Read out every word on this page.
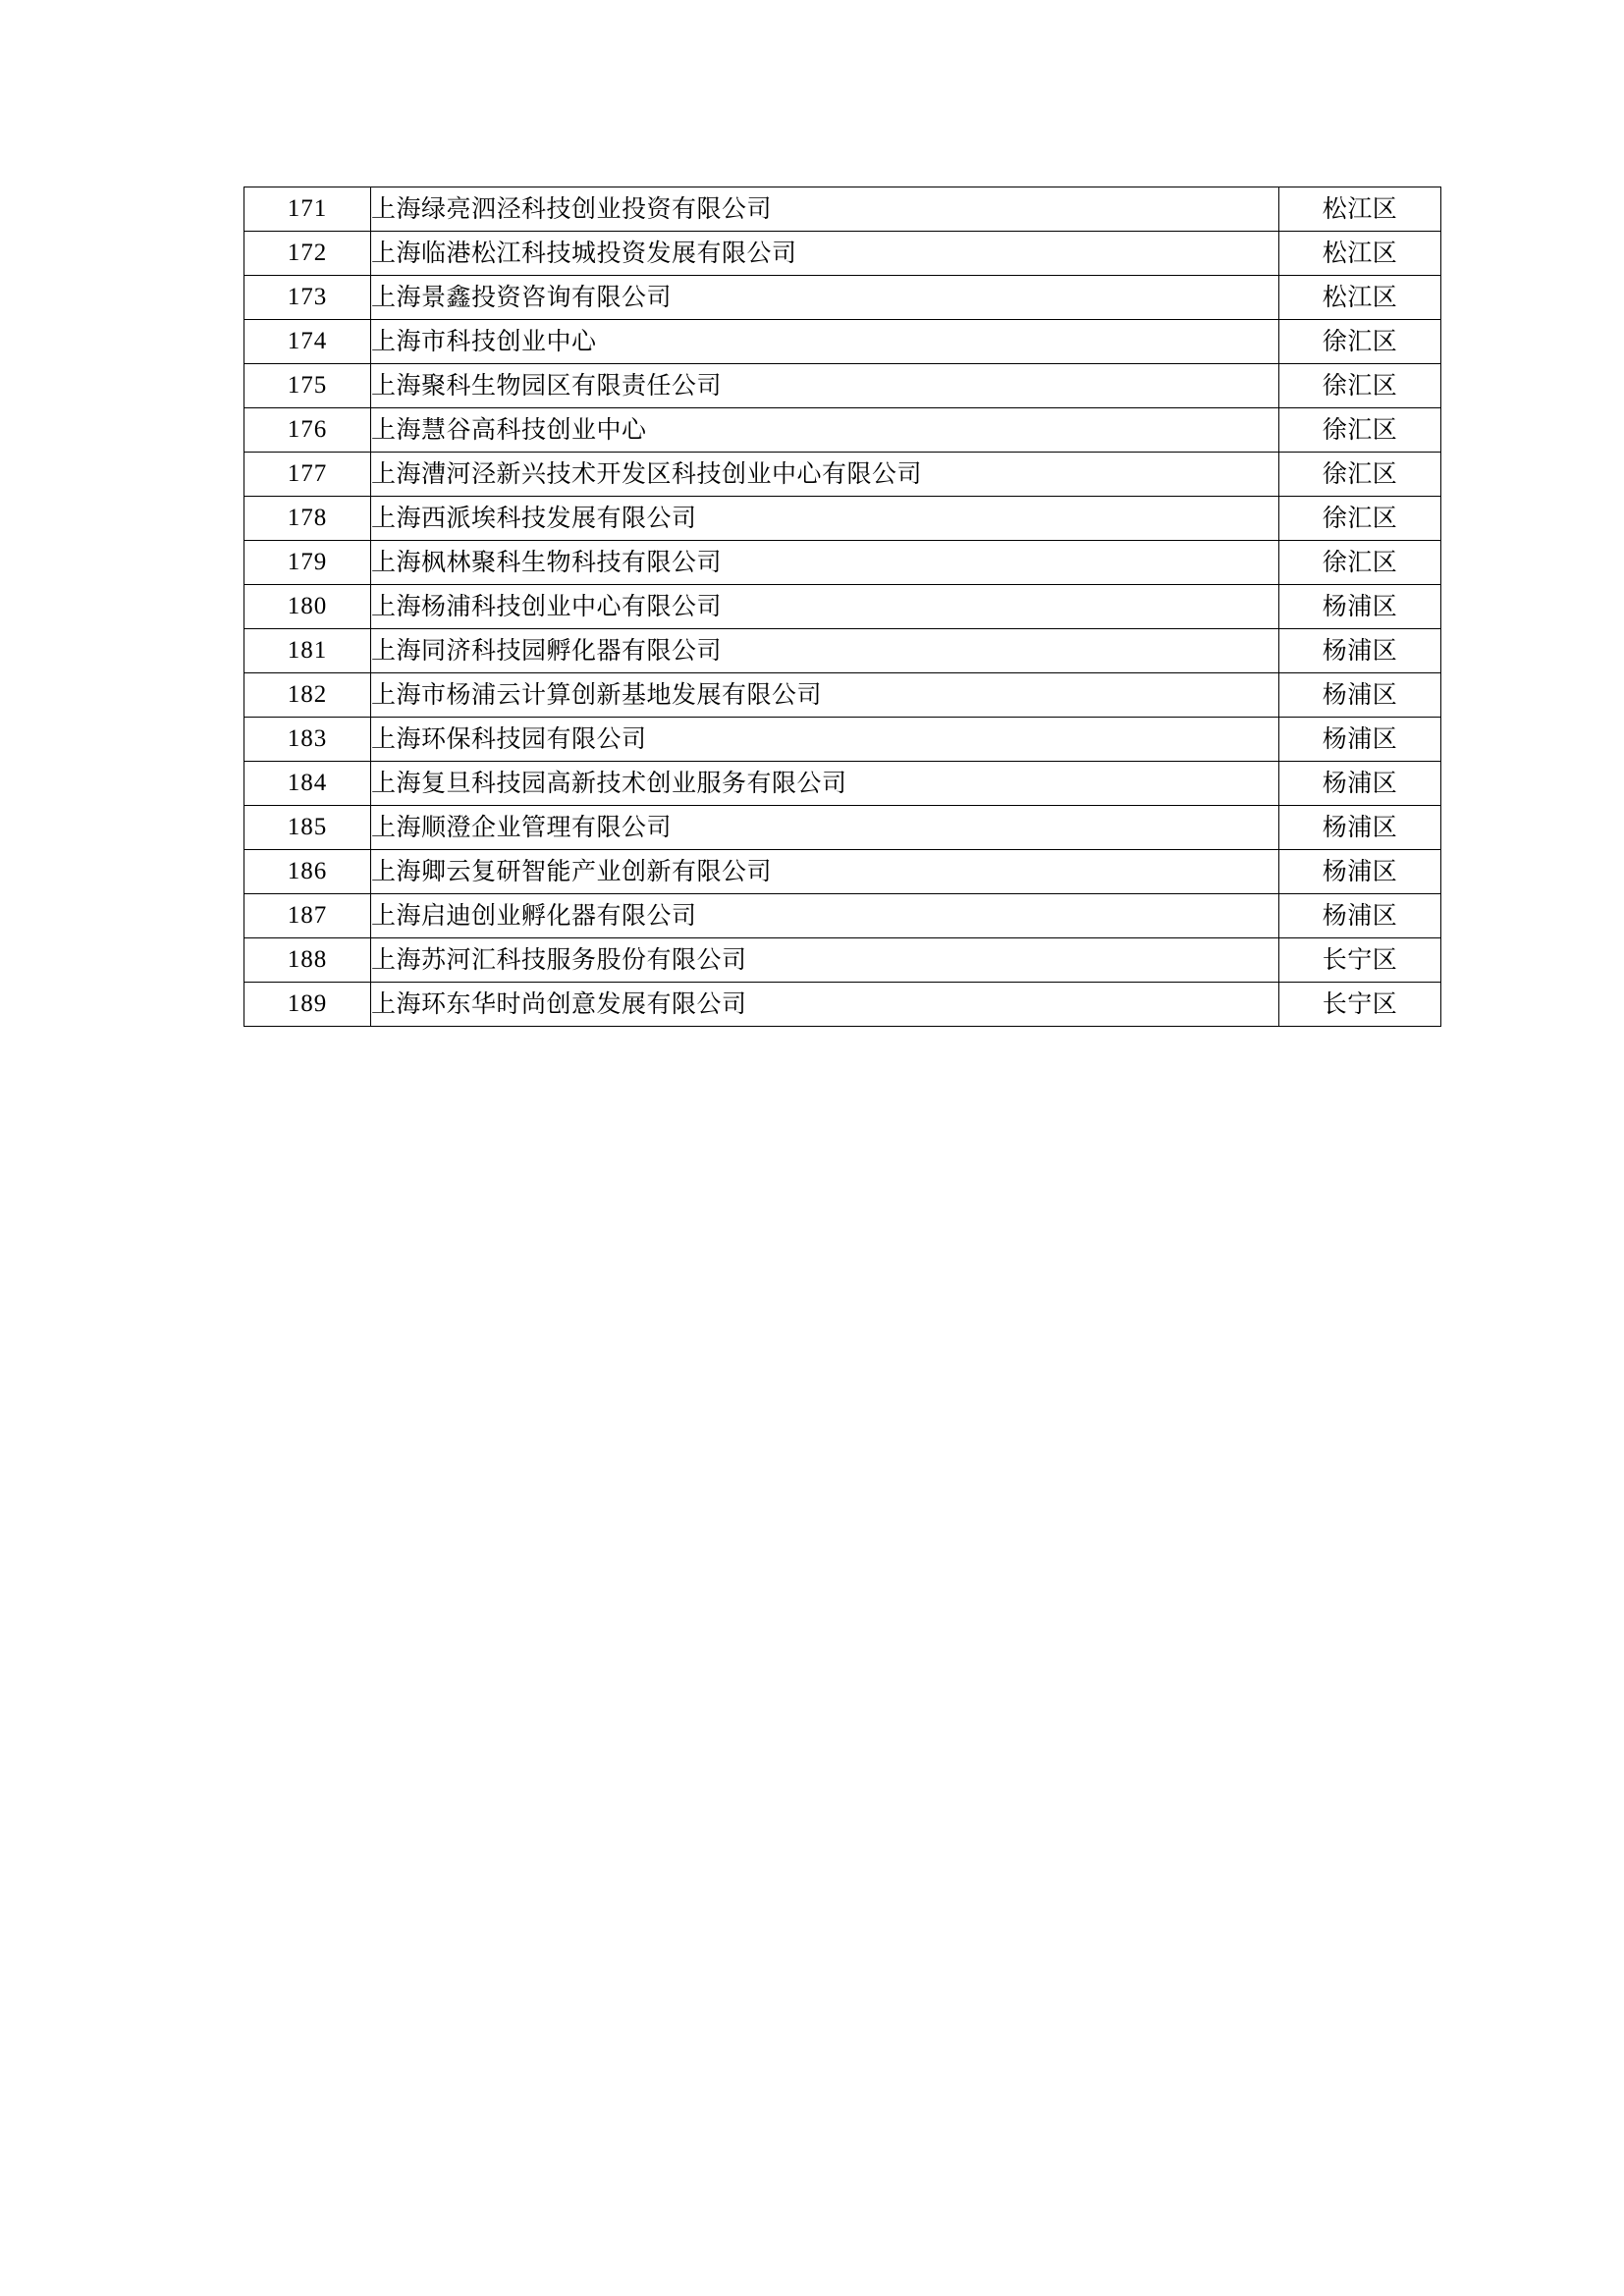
171	上海绿亮泗泾科技创业投资有限公司	松江区
172	上海临港松江科技城投资发展有限公司	松江区
173	上海景鑫投资咨询有限公司	松江区
174	上海市科技创业中心	徐汇区
175	上海聚科生物园区有限责任公司	徐汇区
176	上海慧谷高科技创业中心	徐汇区
177	上海漕河泾新兴技术开发区科技创业中心有限公司	徐汇区
178	上海西派埃科技发展有限公司	徐汇区
179	上海枫林聚科生物科技有限公司	徐汇区
180	上海杨浦科技创业中心有限公司	杨浦区
181	上海同济科技园孵化器有限公司	杨浦区
182	上海市杨浦云计算创新基地发展有限公司	杨浦区
183	上海环保科技园有限公司	杨浦区
184	上海复旦科技园高新技术创业服务有限公司	杨浦区
185	上海顺澄企业管理有限公司	杨浦区
186	上海卿云复研智能产业创新有限公司	杨浦区
187	上海启迪创业孵化器有限公司	杨浦区
188	上海苏河汇科技服务股份有限公司	长宁区
189	上海环东华时尚创意发展有限公司	长宁区
